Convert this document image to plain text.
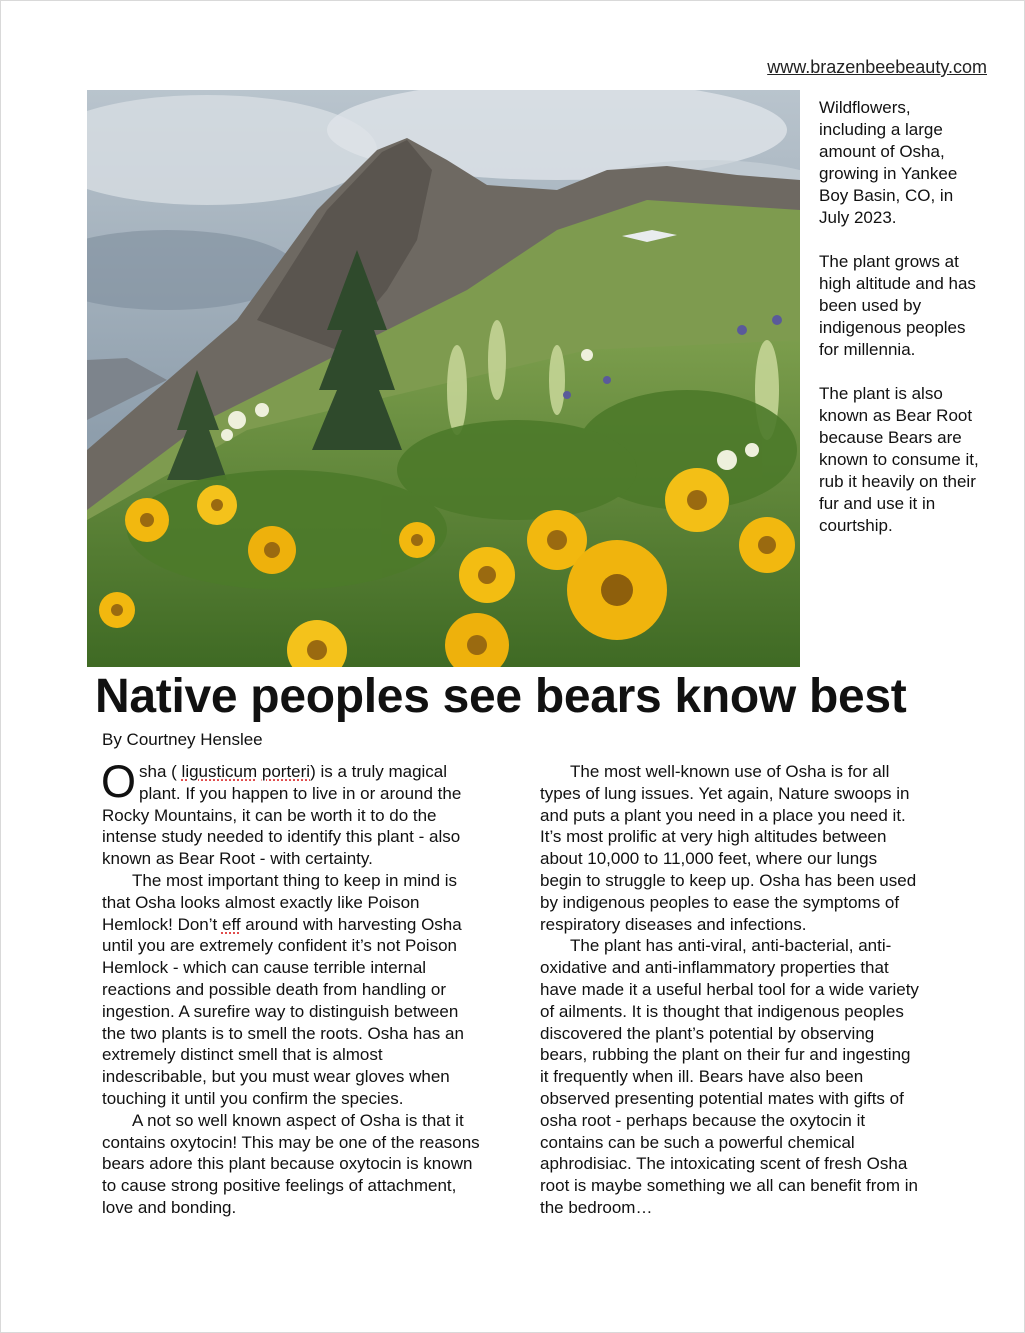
www.brazenbeebeauty.com

Wildflowers, including a large amount of Osha, growing in Yankee Boy Basin, CO, in July 2023.

The plant grows at high altitude and has been used by indigenous peoples for millennia.

The plant is also known as Bear Root because Bears are known to consume it, rub it heavily on their fur and use it in courtship.

Native peoples see bears know best
By Courtney Henslee

Osha ( ligusticum porteri) is a truly magical plant. If you happen to live in or around the Rocky Mountains, it can be worth it to do the intense study needed to identify this plant - also known as Bear Root - with certainty.

The most important thing to keep in mind is that Osha looks almost exactly like Poison Hemlock! Don’t eff around with harvesting Osha until you are extremely confident it’s not Poison Hemlock - which can cause terrible internal reactions and possible death from handling or ingestion. A surefire way to distinguish between the two plants is to smell the roots. Osha has an extremely distinct smell that is almost indescribable, but you must wear gloves when touching it until you confirm the species.

A not so well known aspect of Osha is that it contains oxytocin! This may be one of the reasons bears adore this plant because oxytocin is known to cause strong positive feelings of attachment, love and bonding.

The most well-known use of Osha is for all types of lung issues. Yet again, Nature swoops in and puts a plant you need in a place you need it. It’s most prolific at very high altitudes between about 10,000 to 11,000 feet, where our lungs begin to struggle to keep up. Osha has been used by indigenous peoples to ease the symptoms of respiratory diseases and infections.

The plant has anti-viral, anti-bacterial, anti-oxidative and anti-inflammatory properties that have made it a useful herbal tool for a wide variety of ailments. It is thought that indigenous peoples discovered the plant’s potential by observing bears, rubbing the plant on their fur and ingesting it frequently when ill. Bears have also been observed presenting potential mates with gifts of osha root - perhaps because the oxytocin it contains can be such a powerful chemical aphrodisiac. The intoxicating scent of fresh Osha root is maybe something we all can benefit from in the bedroom…
